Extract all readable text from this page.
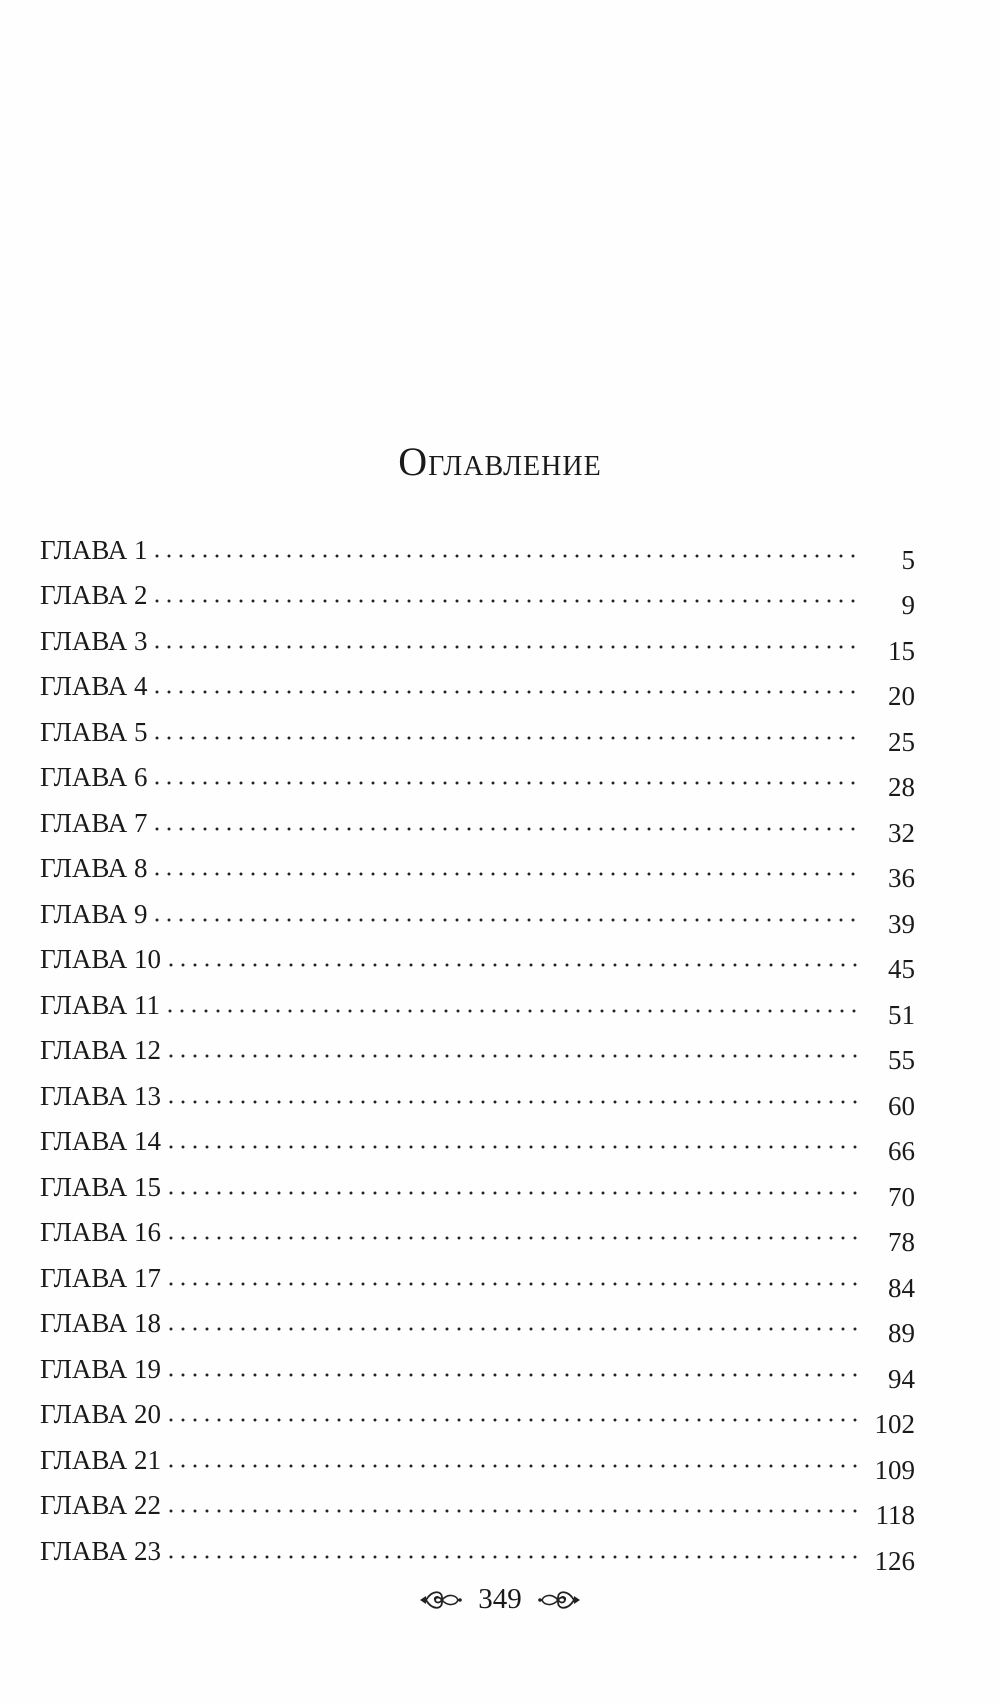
Оглавление
ГЛАВА 1	5
ГЛАВА 2	9
ГЛАВА 3	15
ГЛАВА 4	20
ГЛАВА 5	25
ГЛАВА 6	28
ГЛАВА 7	32
ГЛАВА 8	36
ГЛАВА 9	39
ГЛАВА 10	45
ГЛАВА 11	51
ГЛАВА 12	55
ГЛАВА 13	60
ГЛАВА 14	66
ГЛАВА 15	70
ГЛАВА 16	78
ГЛАВА 17	84
ГЛАВА 18	89
ГЛАВА 19	94
ГЛАВА 20	102
ГЛАВА 21	109
ГЛАВА 22	118
ГЛАВА 23	126
349
